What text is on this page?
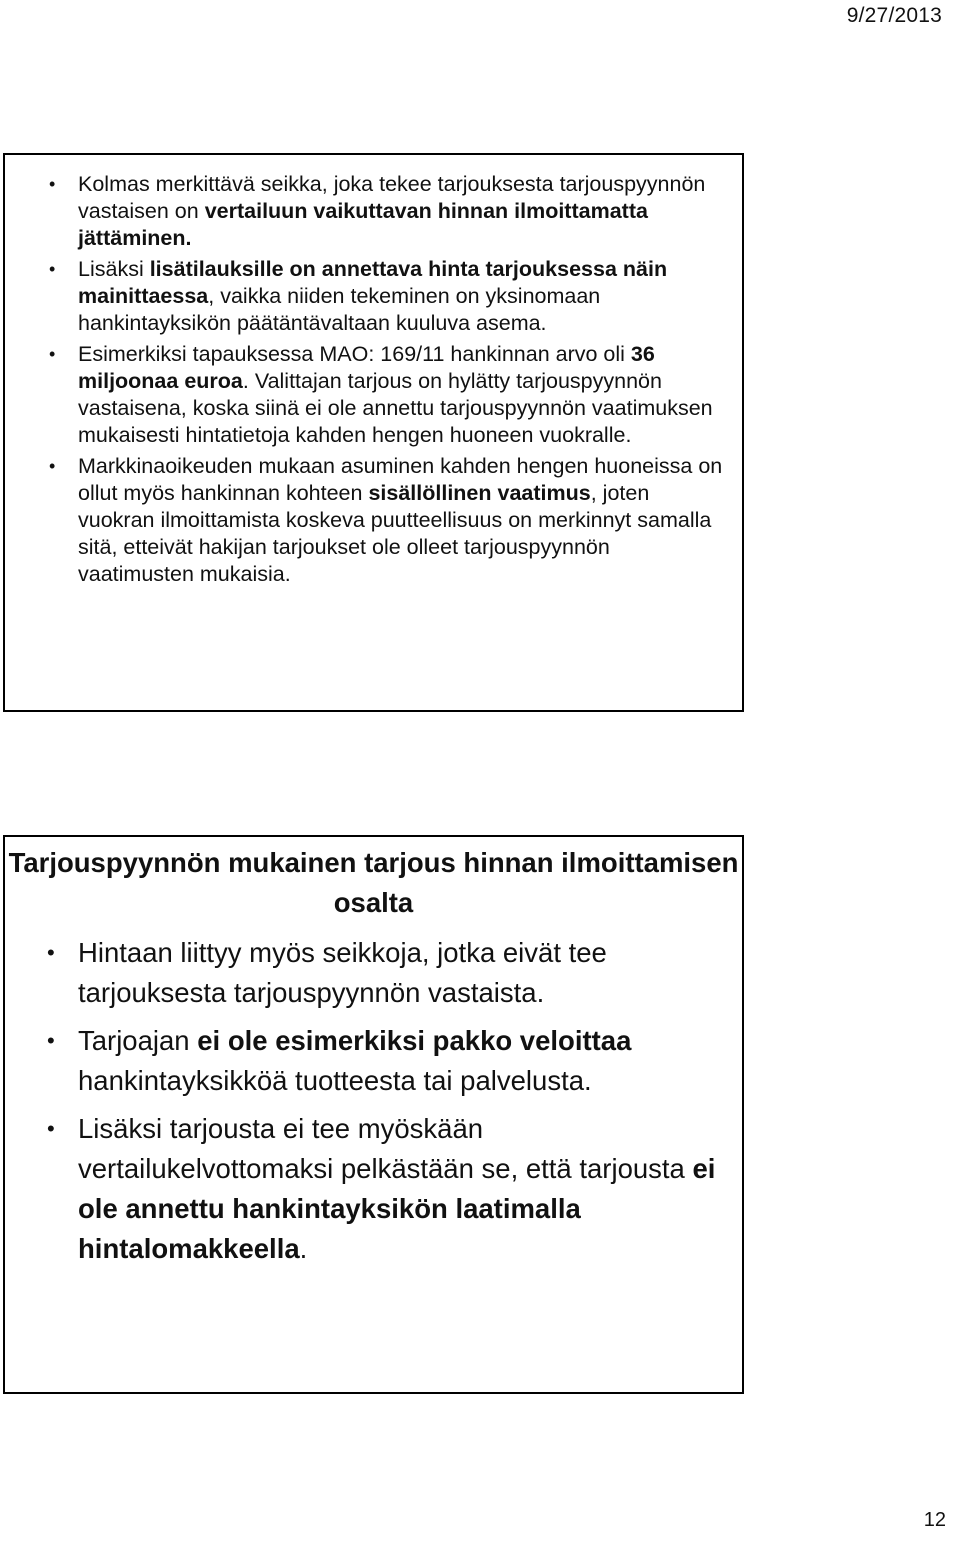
9/27/2013
• Kolmas merkittävä seikka, joka tekee tarjouksesta tarjouspyynnön vastaisen on vertailuun vaikuttavan hinnan ilmoittamatta jättäminen.
• Lisäksi lisätilauksille on annettava hinta tarjouksessa näin mainittaessa, vaikka niiden tekeminen on yksinomaan hankintayksikön päätäntävaltaan kuuluva asema.
• Esimerkiksi tapauksessa MAO: 169/11 hankinnan arvo oli 36 miljoonaa euroa. Valittajan tarjous on hylätty tarjouspyynnön vastaisena, koska siinä ei ole annettu tarjouspyynnön vaatimuksen mukaisesti hintatietoja kahden hengen huoneen vuokralle.
• Markkinaoikeuden mukaan asuminen kahden hengen huoneissa on ollut myös hankinnan kohteen sisällöllinen vaatimus, joten vuokran ilmoittamista koskeva puutteellisuus on merkinnyt samalla sitä, etteivät hakijan tarjoukset ole olleet tarjouspyynnön vaatimusten mukaisia.
Tarjouspyynnön mukainen tarjous hinnan ilmoittamisen osalta
• Hintaan liittyy myös seikkoja, jotka eivät tee tarjouksesta tarjouspyynnön vastaista.
• Tarjoajan ei ole esimerkiksi pakko veloittaa hankintayksikköä tuotteesta tai palvelusta.
• Lisäksi tarjousta ei tee myöskään vertailukelvottomaksi pelkästään se, että tarjousta ei ole annettu hankintayksikön laatimalla hintalomakkeella.
12
